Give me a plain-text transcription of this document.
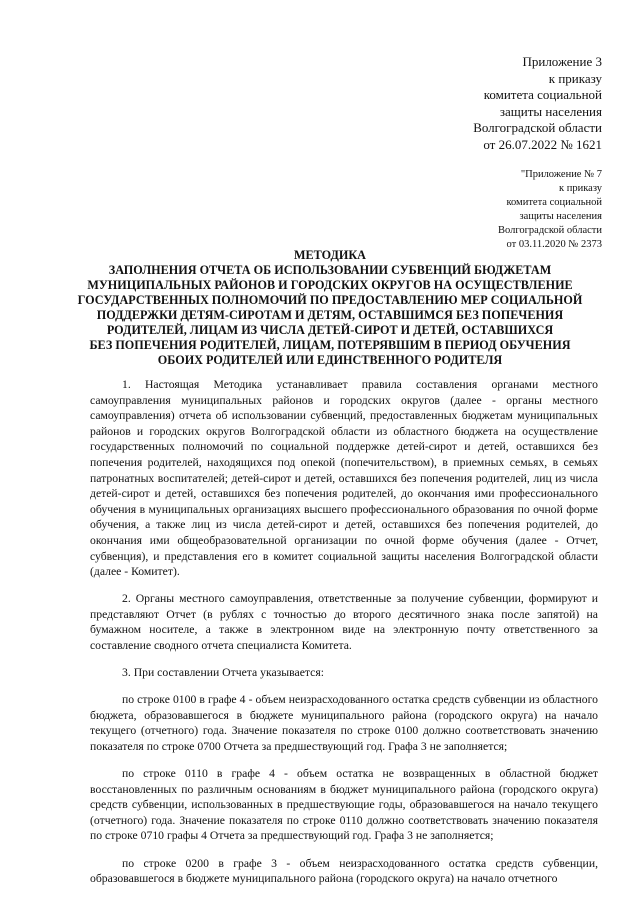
Приложение 3
к приказу
комитета социальной
защиты населения
Волгоградской области
от 26.07.2022 № 1621
"Приложение № 7
к приказу
комитета социальной
защиты населения
Волгоградской области
от 03.11.2020 № 2373
МЕТОДИКА
ЗАПОЛНЕНИЯ ОТЧЕТА ОБ ИСПОЛЬЗОВАНИИ СУБВЕНЦИЙ БЮДЖЕТАМ
МУНИЦИПАЛЬНЫХ РАЙОНОВ И ГОРОДСКИХ ОКРУГОВ НА ОСУЩЕСТВЛЕНИЕ
ГОСУДАРСТВЕННЫХ ПОЛНОМОЧИЙ ПО ПРЕДОСТАВЛЕНИЮ МЕР СОЦИАЛЬНОЙ
ПОДДЕРЖКИ ДЕТЯМ-СИРОТАМ И ДЕТЯМ, ОСТАВШИМСЯ БЕЗ ПОПЕЧЕНИЯ
РОДИТЕЛЕЙ, ЛИЦАМ ИЗ ЧИСЛА ДЕТЕЙ-СИРОТ И ДЕТЕЙ, ОСТАВШИХСЯ
БЕЗ ПОПЕЧЕНИЯ РОДИТЕЛЕЙ, ЛИЦАМ, ПОТЕРЯВШИМ В ПЕРИОД ОБУЧЕНИЯ
ОБОИХ РОДИТЕЛЕЙ ИЛИ ЕДИНСТВЕННОГО РОДИТЕЛЯ

1. Настоящая Методика устанавливает правила составления органами местного самоуправления муниципальных районов и городских округов (далее - органы местного самоуправления) отчета об использовании субвенций, предоставленных бюджетам муниципальных районов и городских округов Волгоградской области из областного бюджета на осуществление государственных полномочий по социальной поддержке детей-сирот и детей, оставшихся без попечения родителей, находящихся под опекой (попечительством), в приемных семьях, в семьях патронатных воспитателей; детей-сирот и детей, оставшихся без попечения родителей, лиц из числа детей-сирот и детей, оставшихся без попечения родителей, до окончания ими профессионального обучения в муниципальных организациях высшего профессионального образования по очной форме обучения, а также лиц из числа детей-сирот и детей, оставшихся без попечения родителей, до окончания ими общеобразовательной организации по очной форме обучения (далее - Отчет, субвенция), и представления его в комитет социальной защиты населения Волгоградской области (далее - Комитет).

2. Органы местного самоуправления, ответственные за получение субвенции, формируют и представляют Отчет (в рублях с точностью до второго десятичного знака после запятой) на бумажном носителе, а также в электронном виде на электронную почту ответственного за составление сводного отчета специалиста Комитета.

3. При составлении Отчета указывается:

по строке 0100 в графе 4 - объем неизрасходованного остатка средств субвенции из областного бюджета, образовавшегося в бюджете муниципального района (городского округа) на начало текущего (отчетного) года. Значение показателя по строке 0100 должно соответствовать значению показателя по строке 0700 Отчета за предшествующий год. Графа 3 не заполняется;

по строке 0110 в графе 4 - объем остатка не возвращенных в областной бюджет восстановленных по различным основаниям в бюджет муниципального района (городского округа) средств субвенции, использованных в предшествующие годы, образовавшегося на начало текущего (отчетного) года. Значение показателя по строке 0110 должно соответствовать значению показателя по строке 0710 графы 4 Отчета за предшествующий год. Графа 3 не заполняется;

по строке 0200 в графе 3 - объем неизрасходованного остатка средств субвенции, образовавшегося в бюджете муниципального района (городского округа) на начало отчетного
